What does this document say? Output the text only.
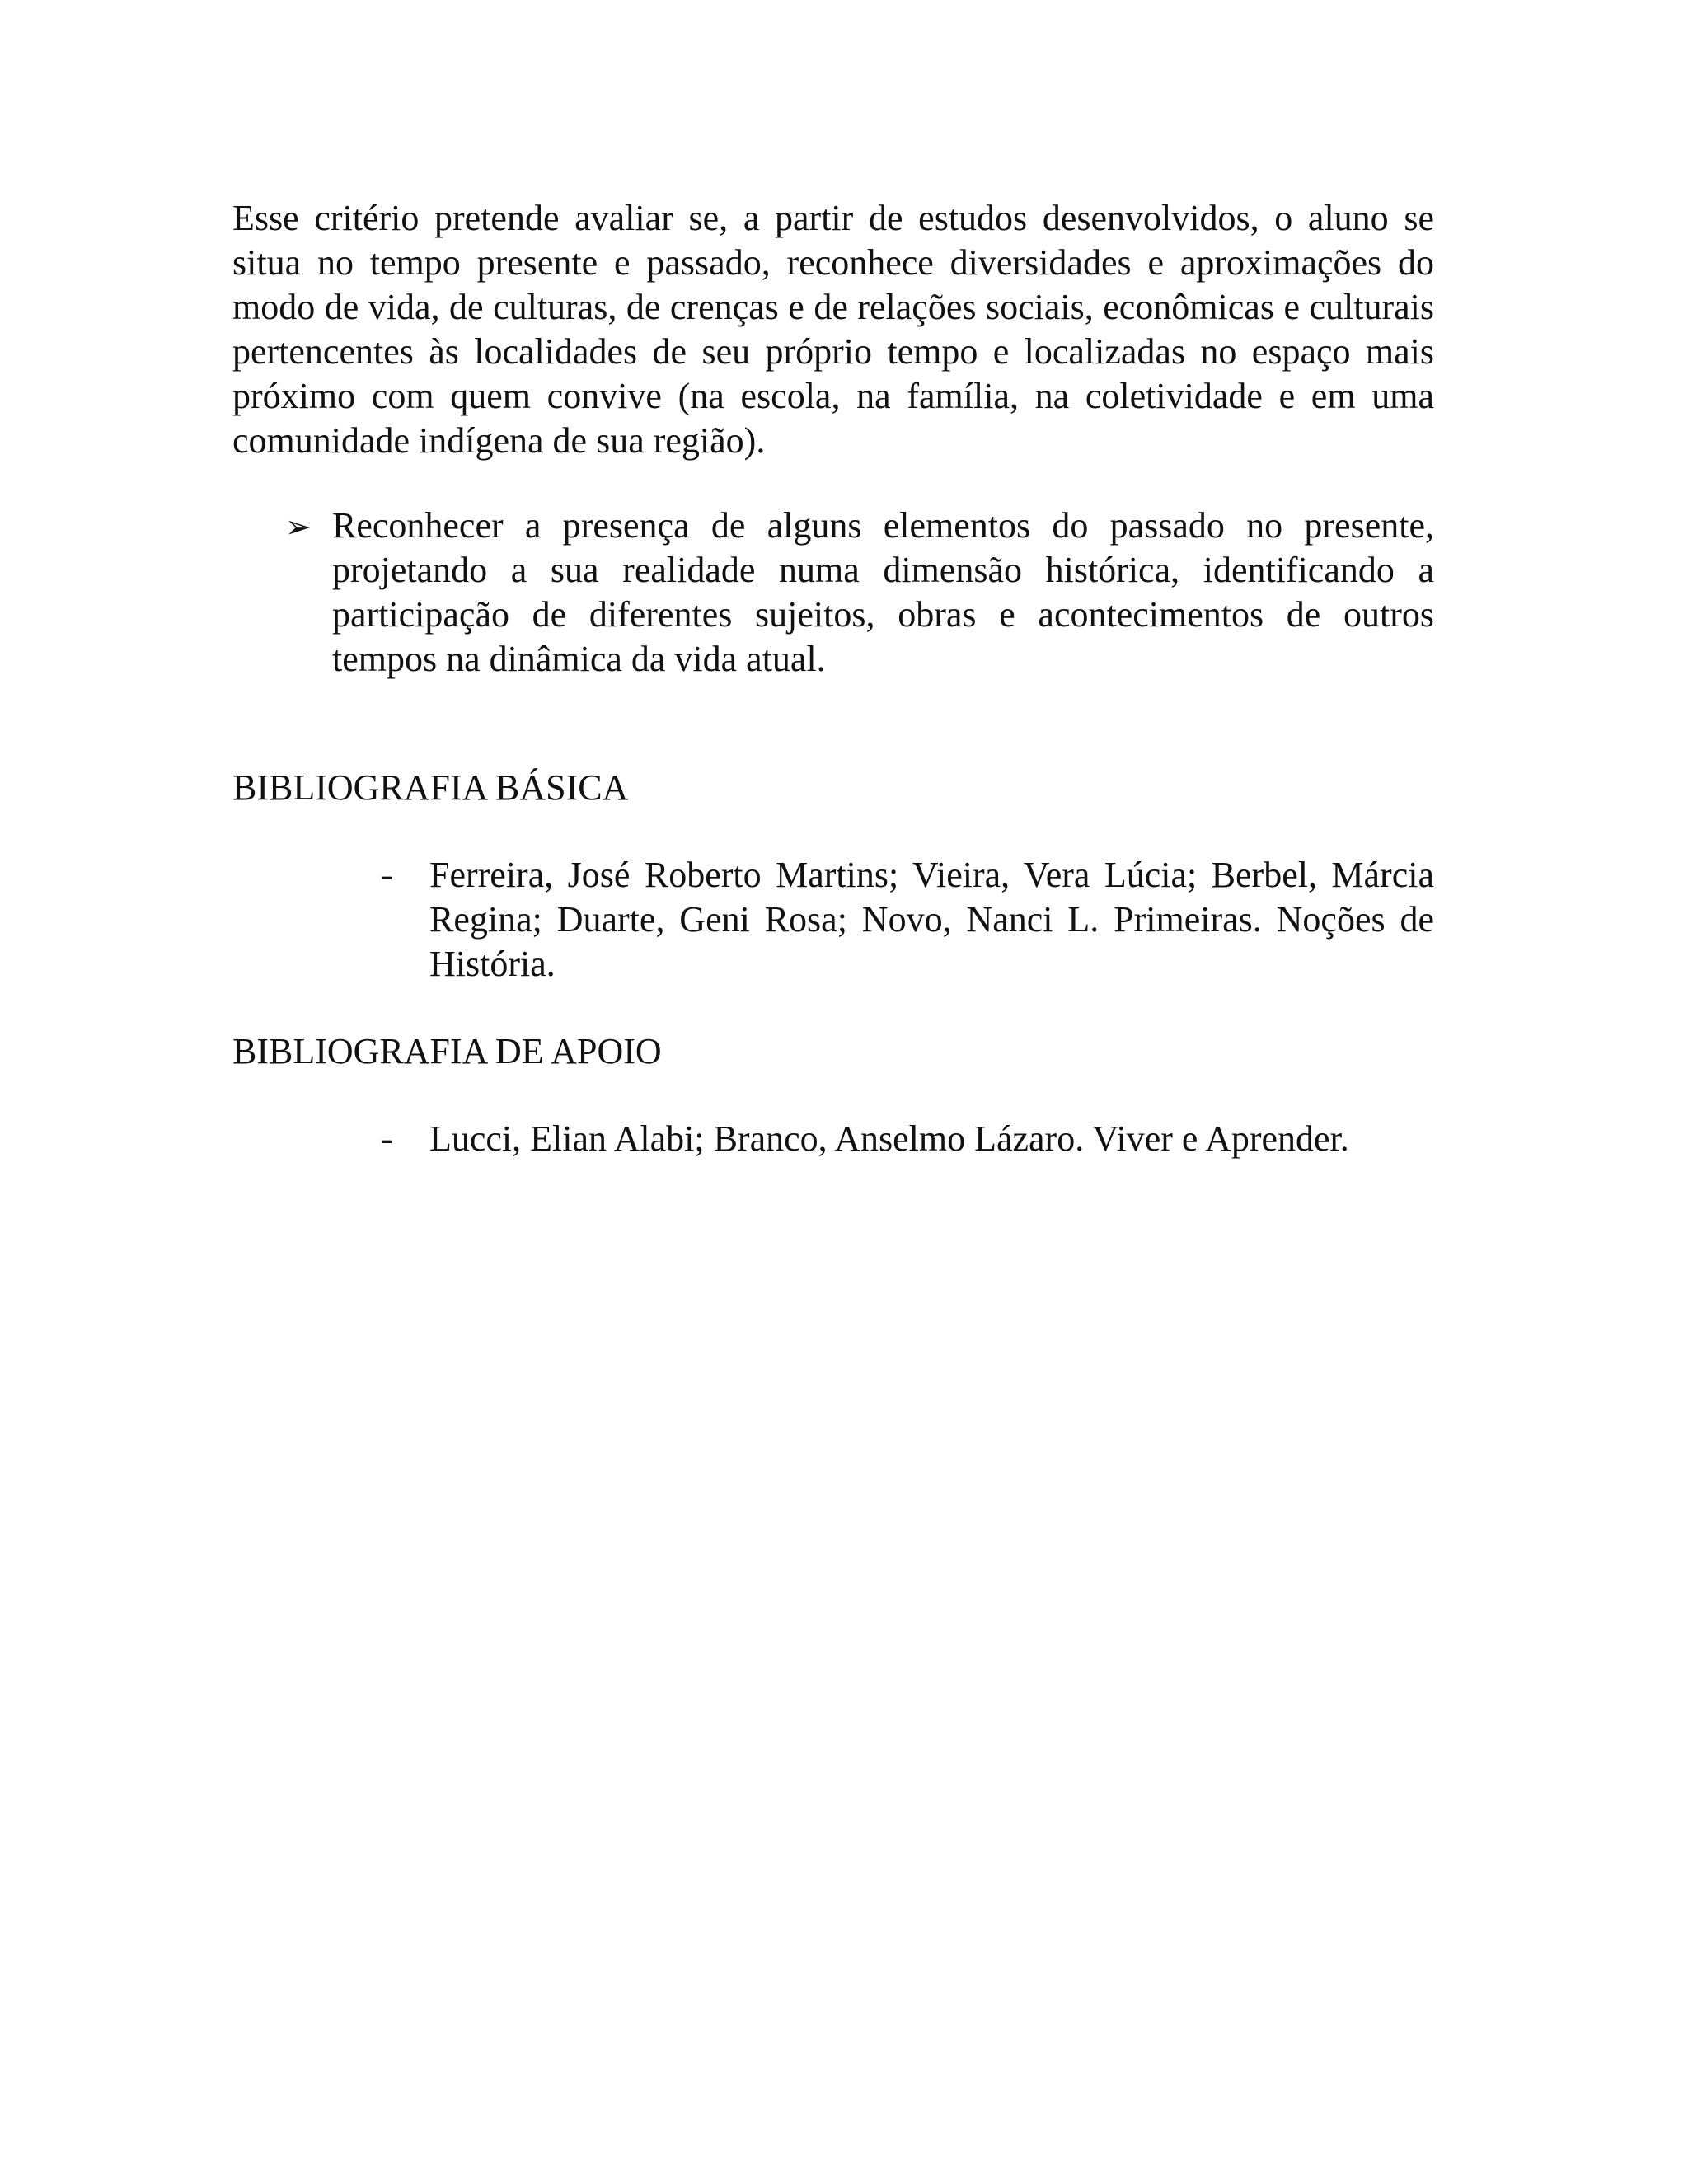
Esse critério pretende avaliar se, a partir de estudos desenvolvidos, o aluno se situa no tempo presente e passado, reconhece diversidades e aproximações do modo de vida, de culturas, de crenças e de relações sociais, econômicas e culturais pertencentes às localidades de seu próprio tempo e localizadas no espaço mais próximo com quem convive (na escola, na família, na coletividade e em uma comunidade indígena de sua região).

➢ Reconhecer a presença de alguns elementos do passado no presente, projetando a sua realidade numa dimensão histórica, identificando a participação de diferentes sujeitos, obras e acontecimentos de outros tempos na dinâmica da vida atual.

BIBLIOGRAFIA BÁSICA
- Ferreira, José Roberto Martins; Vieira, Vera Lúcia; Berbel, Márcia Regina; Duarte, Geni Rosa; Novo, Nanci L. Primeiras. Noções de História.

BIBLIOGRAFIA DE APOIO
- Lucci, Elian Alabi; Branco, Anselmo Lázaro. Viver e Aprender.
